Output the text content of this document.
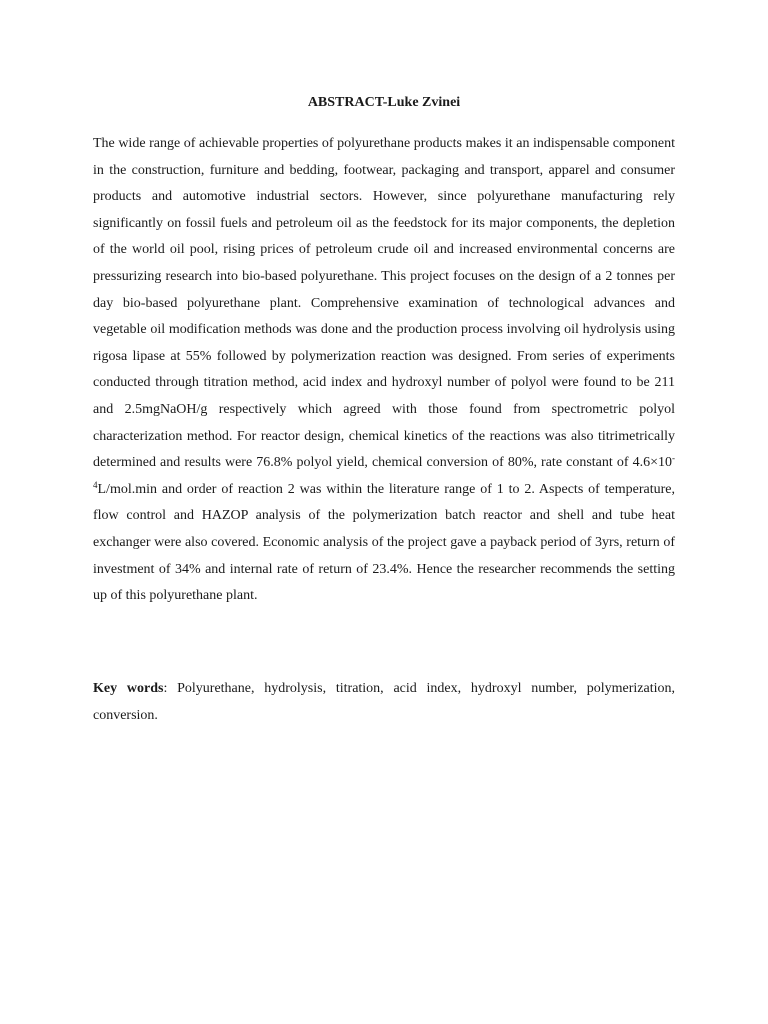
ABSTRACT-Luke Zvinei

The wide range of achievable properties of polyurethane products makes it an indispensable component in the construction, furniture and bedding, footwear, packaging and transport, apparel and consumer products and automotive industrial sectors. However, since polyurethane manufacturing rely significantly on fossil fuels and petroleum oil as the feedstock for its major components, the depletion of the world oil pool, rising prices of petroleum crude oil and increased environmental concerns are pressurizing research into bio-based polyurethane. This project focuses on the design of a 2 tonnes per day bio-based polyurethane plant. Comprehensive examination of technological advances and vegetable oil modification methods was done and the production process involving oil hydrolysis using rigosa lipase at 55% followed by polymerization reaction was designed. From series of experiments conducted through titration method, acid index and hydroxyl number of polyol were found to be 211 and 2.5mgNaOH/g respectively which agreed with those found from spectrometric polyol characterization method. For reactor design, chemical kinetics of the reactions was also titrimetrically determined and results were 76.8% polyol yield, chemical conversion of 80%, rate constant of $4.6\times 10^{-4}L/mol.\min$ and order of reaction 2 was within the literature range of 1 to 2. Aspects of temperature, flow control and HAZOP analysis of the polymerization batch reactor and shell and tube heat exchanger were also covered. Economic analysis of the project gave a payback period of 3yrs, return of investment of 34% and internal rate of return of 23.4%. Hence the researcher recommends the setting up of this polyurethane plant.

Key words: Polyurethane, hydrolysis, titration, acid index, hydroxyl number, polymerization, conversion.
